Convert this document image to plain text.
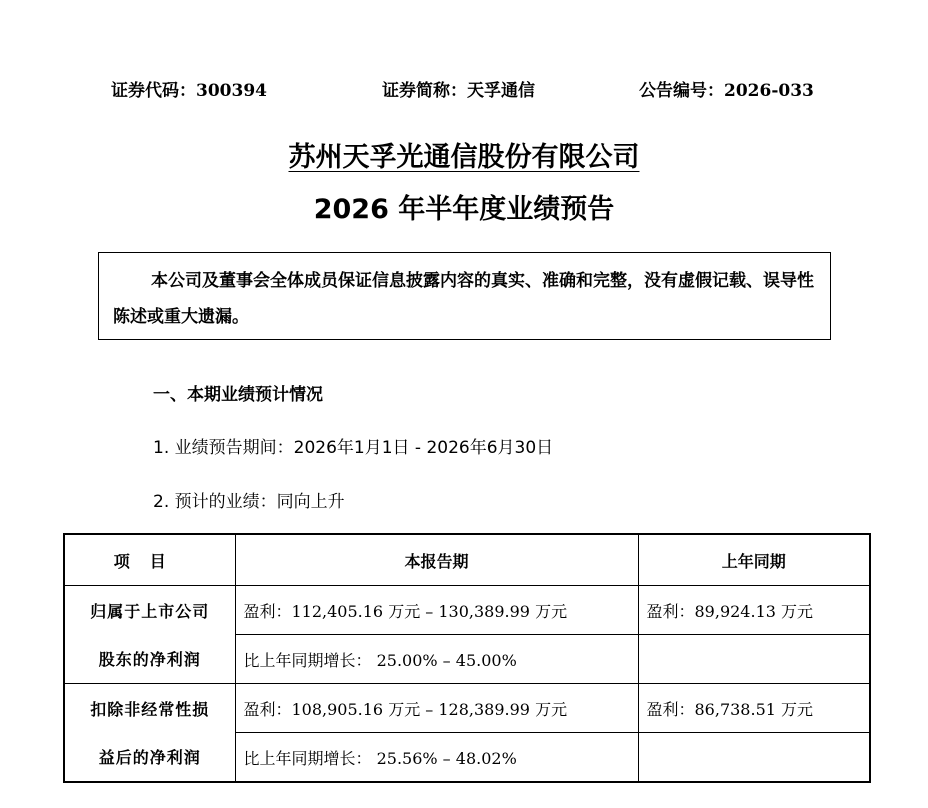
证券代码：300394	证券简称：天孚通信	公告编号：2026-033
苏州天孚光通信股份有限公司
2026 年半年度业绩预告

本公司及董事会全体成员保证信息披露内容的真实、准确和完整，没有虚假记载、误导性陈述或重大遗漏。

一、本期业绩预计情况
1. 业绩预告期间：2026年1月1日 - 2026年6月30日
2. 预计的业绩：同向上升
项目	本报告期	上年同期
归属于上市公司	盈利：112,405.16 万元 – 130,389.99 万元	盈利：89,924.13 万元
股东的净利润	比上年同期增长： 25.00% – 45.00%	
扣除非经常性损	盈利：108,905.16 万元 – 128,389.99 万元	盈利：86,738.51 万元
益后的净利润	比上年同期增长： 25.56% – 48.02%	
